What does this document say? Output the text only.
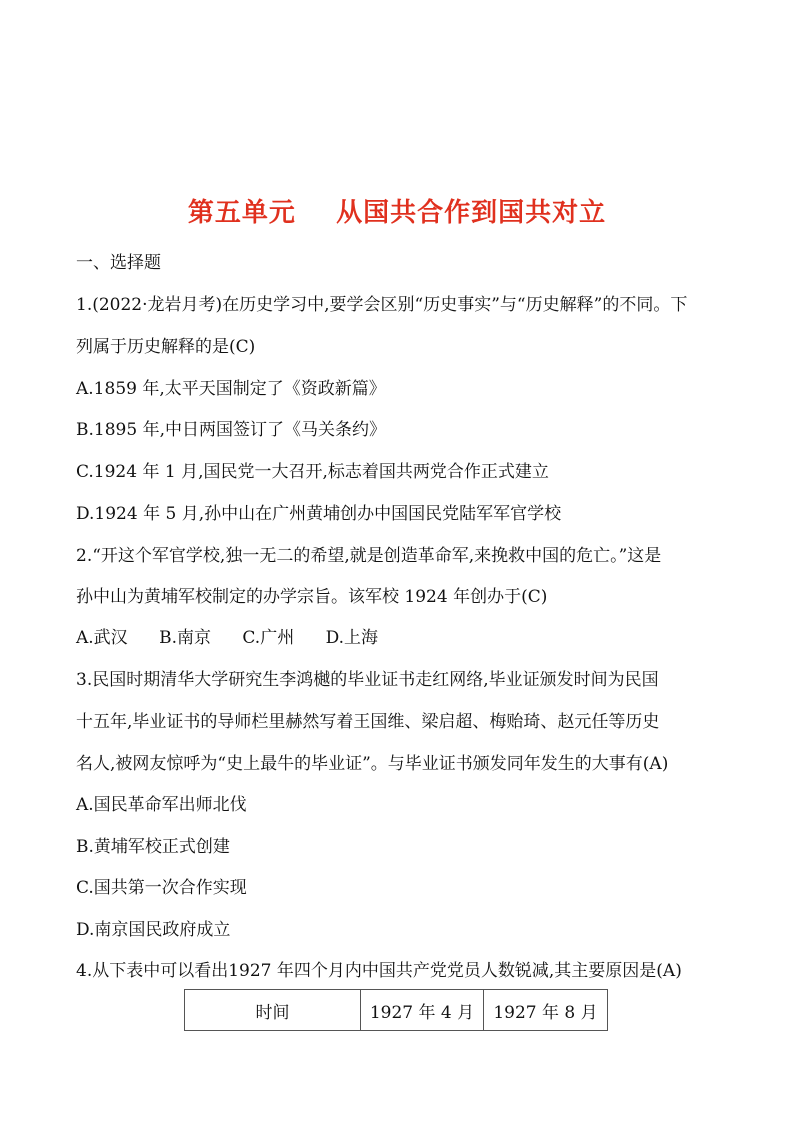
第五单元    从国共合作到国共对立
一、选择题
1.(2022·龙岩月考)在历史学习中,要学会区别“历史事实”与“历史解释”的不同。下
列属于历史解释的是(C)
A.1859 年,太平天国制定了《资政新篇》
B.1895 年,中日两国签订了《马关条约》
C.1924 年 1 月,国民党一大召开,标志着国共两党合作正式建立
D.1924 年 5 月,孙中山在广州黄埔创办中国国民党陆军军官学校
2.“开这个军官学校,独一无二的希望,就是创造革命军,来挽救中国的危亡。”这是
孙中山为黄埔军校制定的办学宗旨。该军校 1924 年创办于(C)
A.武汉 B.南京 C.广州 D.上海
3.民国时期清华大学研究生李鸿樾的毕业证书走红网络,毕业证颁发时间为民国
十五年,毕业证书的导师栏里赫然写着王国维、梁启超、梅贻琦、赵元任等历史
名人,被网友惊呼为“史上最牛的毕业证”。与毕业证书颁发同年发生的大事有(A)
A.国民革命军出师北伐
B.黄埔军校正式创建
C.国共第一次合作实现
D.南京国民政府成立
4.从下表中可以看出1927 年四个月内中国共产党党员人数锐减,其主要原因是(A)
时间	1927 年 4 月	1927 年 8 月
